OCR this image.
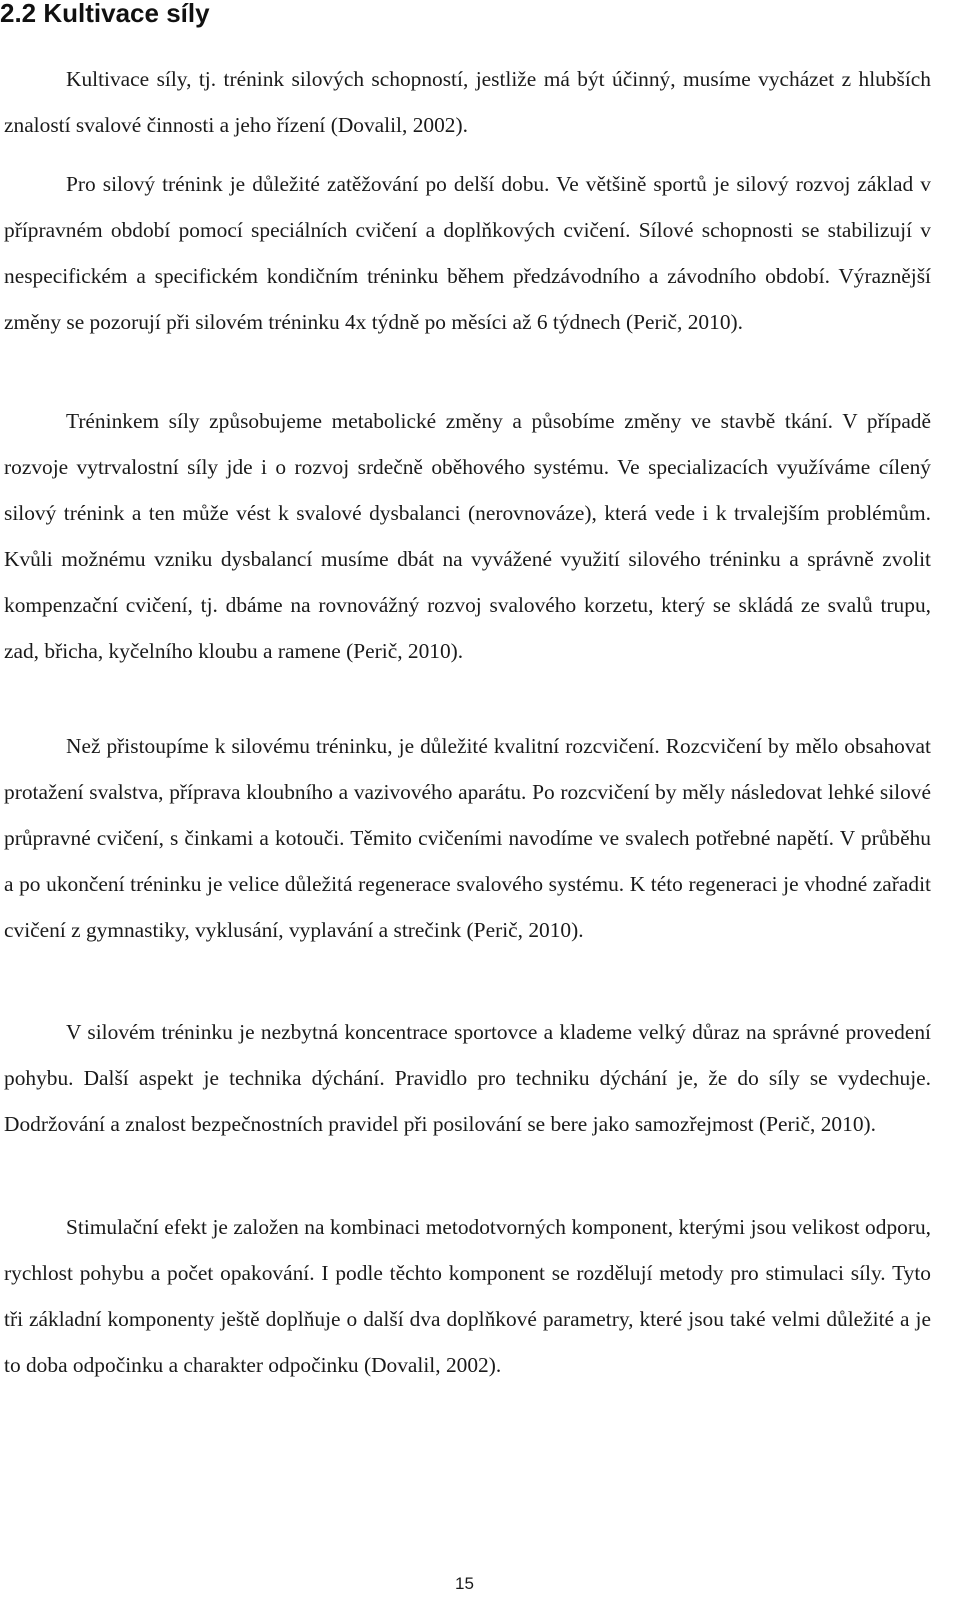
2.2 Kultivace síly

Kultivace síly, tj. trénink silových schopností, jestliže má být účinný, musíme vycházet z hlubších znalostí svalové činnosti a jeho řízení (Dovalil, 2002).

Pro silový trénink je důležité zatěžování po delší dobu. Ve většině sportů je silový rozvoj základ v přípravném období pomocí speciálních cvičení a doplňkových cvičení. Sílové schopnosti se stabilizují v nespecifickém a specifickém kondičním tréninku během předzávodního a závodního období. Výraznější změny se pozorují při silovém tréninku 4x týdně po měsíci až 6 týdnech (Perič, 2010).

Tréninkem síly způsobujeme metabolické změny a působíme změny ve stavbě tkání. V případě rozvoje vytrvalostní síly jde i o rozvoj srdečně oběhového systému. Ve specializacích využíváme cílený silový trénink a ten může vést k svalové dysbalanci (nerovnováze), která vede i k trvalejším problémům. Kvůli možnému vzniku dysbalancí musíme dbát na vyvážené využití silového tréninku a správně zvolit kompenzační cvičení, tj. dbáme na rovnovážný rozvoj svalového korzetu, který se skládá ze svalů trupu, zad, břicha, kyčelního kloubu a ramene (Perič, 2010).

Než přistoupíme k silovému tréninku, je důležité kvalitní rozcvičení. Rozcvičení by mělo obsahovat protažení svalstva, příprava kloubního a vazivového aparátu. Po rozcvičení by měly následovat lehké silové průpravné cvičení, s činkami a kotouči. Těmito cvičeními navodíme ve svalech potřebné napětí. V průběhu a po ukončení tréninku je velice důležitá regenerace svalového systému. K této regeneraci je vhodné zařadit cvičení z gymnastiky, vyklusání, vyplavání a strečink (Perič, 2010).

V silovém tréninku je nezbytná koncentrace sportovce a klademe velký důraz na správné provedení pohybu. Další aspekt je technika dýchání. Pravidlo pro techniku dýchání je, že do síly se vydechuje. Dodržování a znalost bezpečnostních pravidel při posilování se bere jako samozřejmost (Perič, 2010).

Stimulační efekt je založen na kombinaci metodotvorných komponent, kterými jsou velikost odporu, rychlost pohybu a počet opakování. I podle těchto komponent se rozdělují metody pro stimulaci síly. Tyto tři základní komponenty ještě doplňuje o další dva doplňkové parametry, které jsou také velmi důležité a je to doba odpočinku a charakter odpočinku (Dovalil, 2002).

15
